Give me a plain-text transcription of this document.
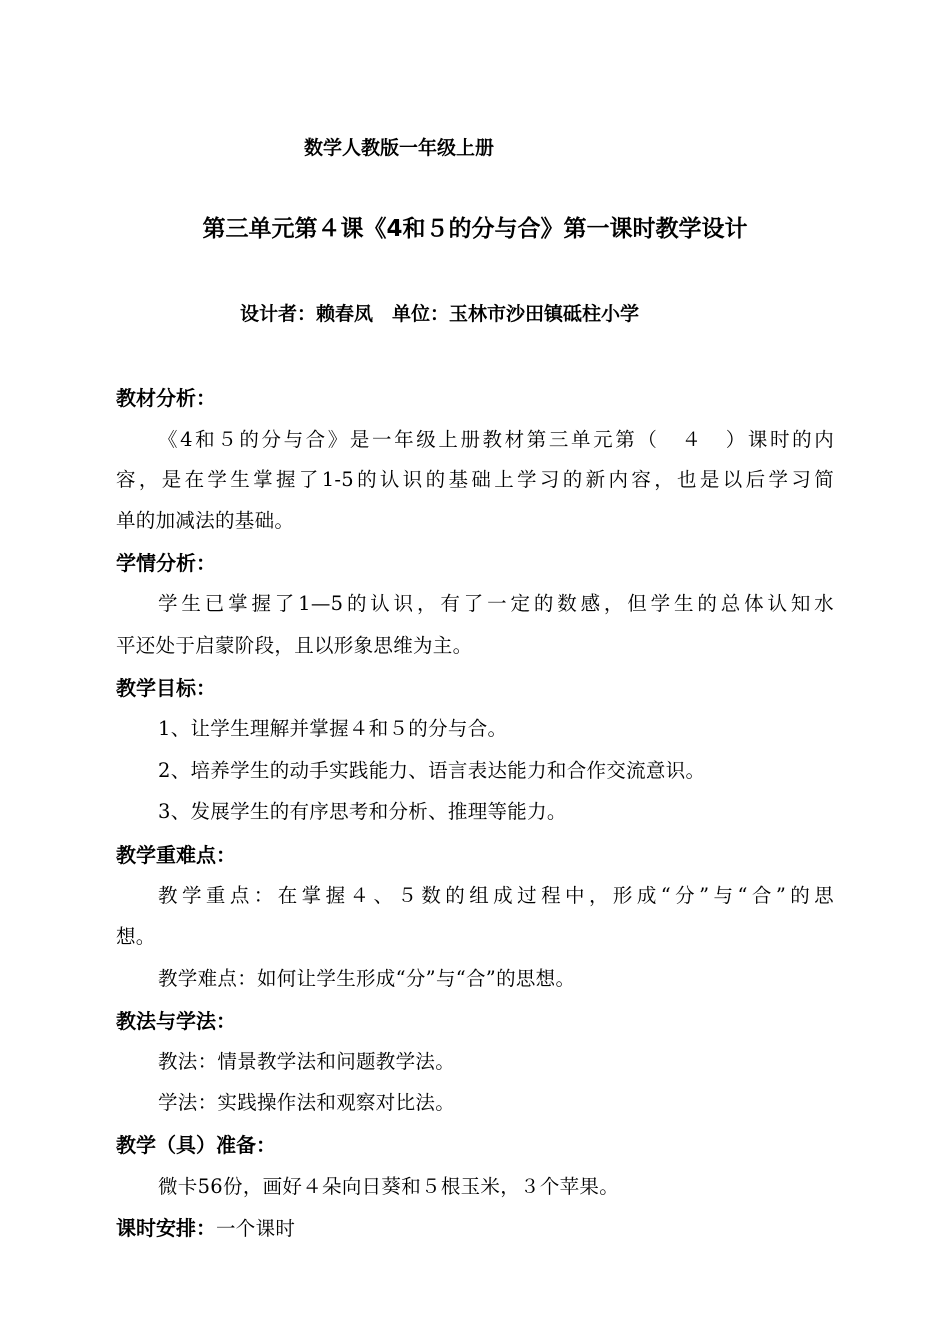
数学人教版一年级上册
第三单元第４课《4和５的分与合》第一课时教学设计
设计者：赖春凤　单位：玉林市沙田镇砥柱小学
教材分析：
《4和５的分与合》是一年级上册教材第三单元第（　４　）课时的内
容，是在学生掌握了1-5的认识的基础上学习的新内容，也是以后学习简
单的加减法的基础。
学情分析：
学生已掌握了1—5的认识，有了一定的数感，但学生的总体认知水
平还处于启蒙阶段，且以形象思维为主。
教学目标：
1、让学生理解并掌握４和５的分与合。
2、培养学生的动手实践能力、语言表达能力和合作交流意识。
3、发展学生的有序思考和分析、推理等能力。
教学重难点：
教学重点：在掌握４、５数的组成过程中，形成“分”与“合”的思
想。
教学难点：如何让学生形成“分”与“合”的思想。
教法与学法：
教法：情景教学法和问题教学法。
学法：实践操作法和观察对比法。
教学（具）准备：
微卡56份，画好４朵向日葵和５根玉米，３个苹果。
课时安排：一个课时
